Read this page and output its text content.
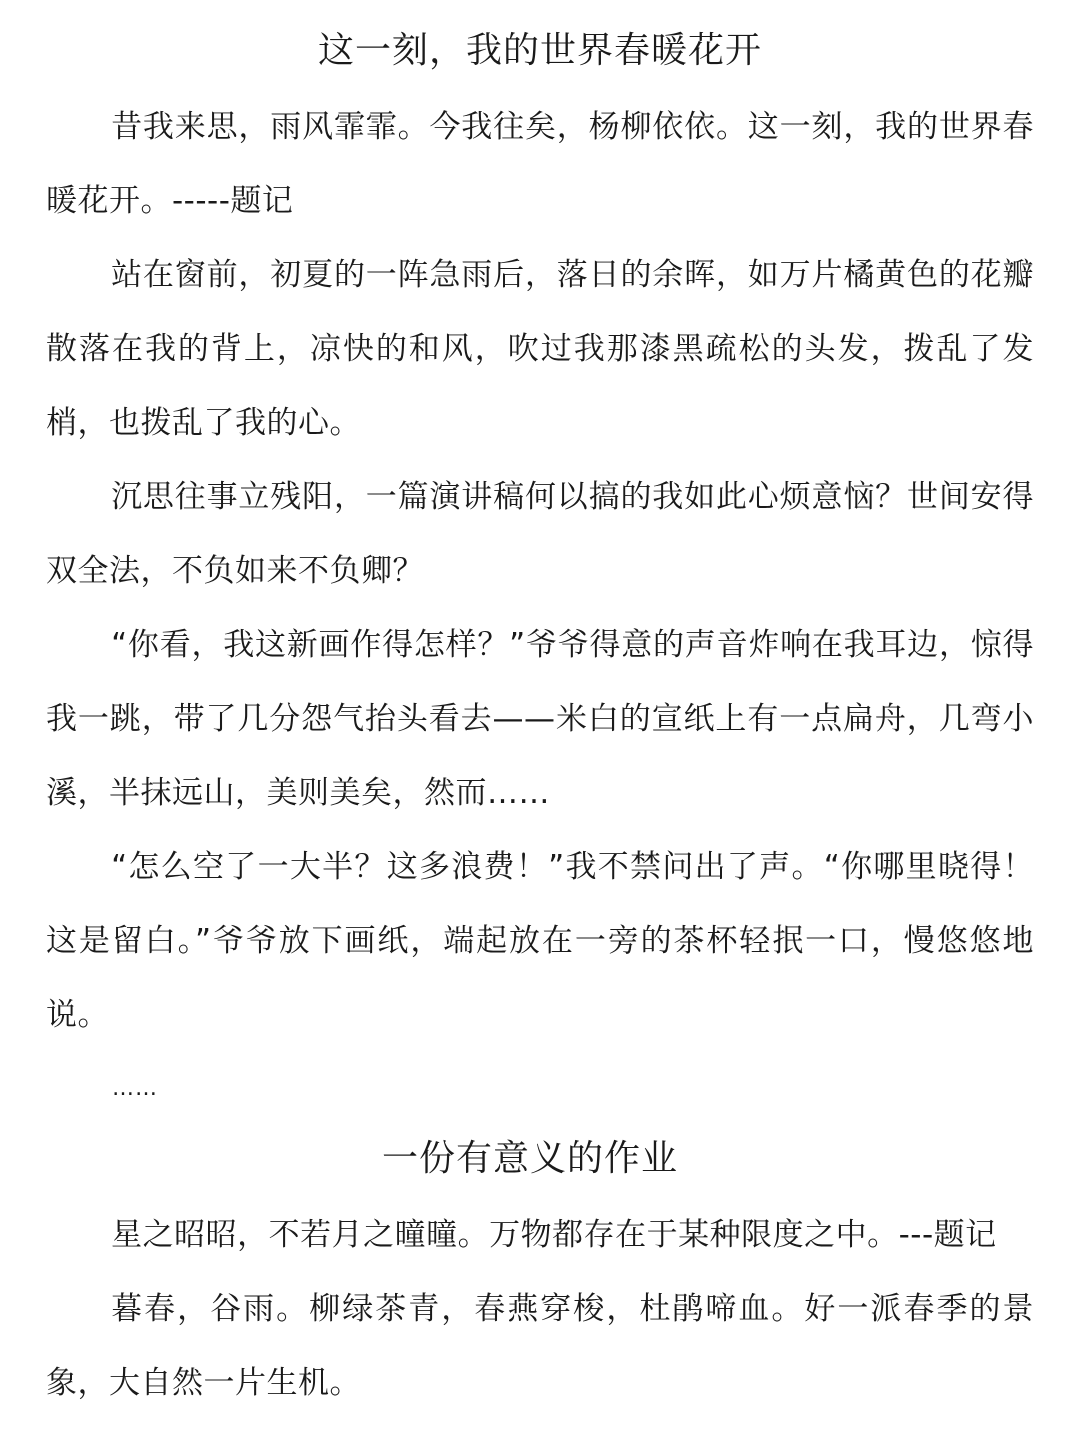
这一刻，我的世界春暖花开

昔我来思，雨风霏霏。今我往矣，杨柳依依。这一刻，我的世界春暖花开。-----题记

站在窗前，初夏的一阵急雨后，落日的余晖，如万片橘黄色的花瓣散落在我的背上，凉快的和风，吹过我那漆黑疏松的头发，拨乱了发梢，也拨乱了我的心。

沉思往事立残阳，一篇演讲稿何以搞的我如此心烦意恼？世间安得双全法，不负如来不负卿？

“你看，我这新画作得怎样？”爷爷得意的声音炸响在我耳边，惊得我一跳，带了几分怨气抬头看去——米白的宣纸上有一点扁舟，几弯小溪，半抹远山，美则美矣，然而……

“怎么空了一大半？这多浪费！”我不禁问出了声。“你哪里晓得！这是留白。”爷爷放下画纸，端起放在一旁的茶杯轻抿一口，慢悠悠地说。

……

一份有意义的作业

星之昭昭，不若月之曈曈。万物都存在于某种限度之中。---题记

暮春，谷雨。柳绿茶青，春燕穿梭，杜鹃啼血。好一派春季的景象，大自然一片生机。
